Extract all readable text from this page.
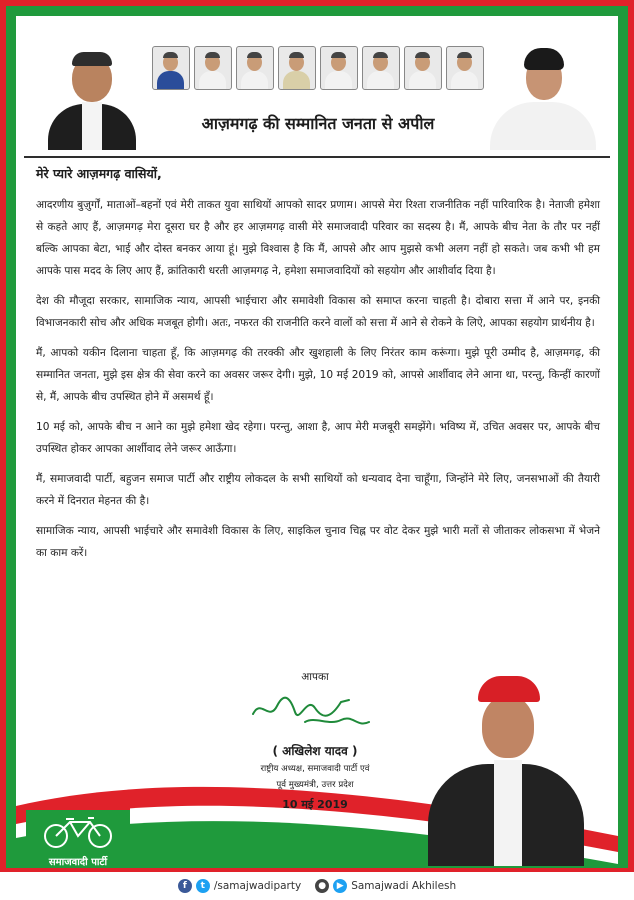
आज़मगढ़ की सम्मानित जनता से अपील
मेरे प्यारे आज़मगढ़ वासियों,

आदरणीय बुज़ुर्गों, माताओं–बहनों एवं मेरी ताकत युवा साथियों आपको सादर प्रणाम। आपसे मेरा रिश्ता राजनीतिक नहीं पारिवारिक है। नेताजी हमेशा से कहते आए हैं, आज़मगढ़ मेरा दूसरा घर है और हर आज़मगढ़ वासी मेरे समाजवादी परिवार का सदस्य है। मैं, आपके बीच नेता के तौर पर नहीं बल्कि आपका बेटा, भाई और दोस्त बनकर आया हूं। मुझे विश्वास है कि मैं, आपसे और आप मुझसे कभी अलग नहीं हो सकते। जब कभी भी हम आपके पास मदद के लिए आए हैं, क्रांतिकारी धरती आज़मगढ़ ने, हमेशा समाजवादियों को सहयोग और आशीर्वाद दिया है।

देश की मौजूदा सरकार, सामाजिक न्याय, आपसी भाईचारा और समावेशी विकास को समाप्त करना चाहती है। दोबारा सत्ता में आने पर, इनकी विभाजनकारी सोच और अधिक मजबूत होगी। अतः, नफरत की राजनीति करने वालों को सत्ता में आने से रोकने के लिऐ, आपका सहयोग प्रार्थनीय है।

मैं, आपको यकीन दिलाना चाहता हूँ, कि आज़मगढ़ की तरक्की और खुशहाली के लिए निरंतर काम करूंगा। मुझे पूरी उम्मीद है, आज़मगढ़, की सम्मानित जनता, मुझे इस क्षेत्र की सेवा करने का अवसर जरूर देगी। मुझे, 10 मई 2019 को, आपसे आर्शीवाद लेने आना था, परन्तु, किन्हीं कारणों से, मैं, आपके बीच उपस्थित होने में असमर्थ हूँ।

10 मई को, आपके बीच न आने का मुझे हमेशा खेद रहेगा। परन्तु, आशा है, आप मेरी मजबूरी समझेंगे। भविष्य में, उचित अवसर पर, आपके बीच उपस्थित होकर आपका आर्शीवाद लेने जरूर आऊँगा।

मैं, समाजवादी पार्टी, बहुजन समाज पार्टी और राष्ट्रीय लोकदल के सभी साथियों को धन्यवाद देना चाहूँगा, जिन्होंने मेरे लिए, जनसभाओं की तैयारी करने में दिनरात मेहनत की है।

सामाजिक न्याय, आपसी भाईचारे और समावेशी विकास के लिए, साइकिल चुनाव चिह्न पर वोट देकर मुझे भारी मतों से जीताकर लोकसभा में भेजने का काम करें।

आपका
( अखिलेश यादव )
राष्ट्रीय अध्यक्ष, समाजवादी पार्टी एवं
पूर्व मुख्यमंत्री, उत्तर प्रदेश
10 मई 2019
समाजवादी पार्टी
f	t /samajwadiparty	●	▶ Samajwadi Akhilesh
